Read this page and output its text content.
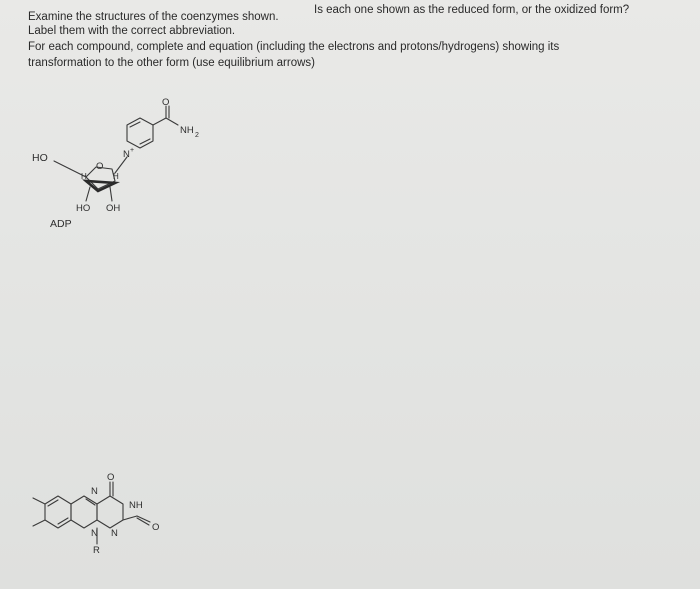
Examine the structures of the coenzymes shown.
Is each one shown as the reduced form, or the oxidized form?
Label them with the correct abbreviation.
For each compound, complete and equation (including the electrons and protons/hydrogens) showing its
transformation to the other form (use equilibrium arrows)
O
NH 2
N +
O
H	H
HO
HO OH
ADP
N
N
R
O
NH
N
O
